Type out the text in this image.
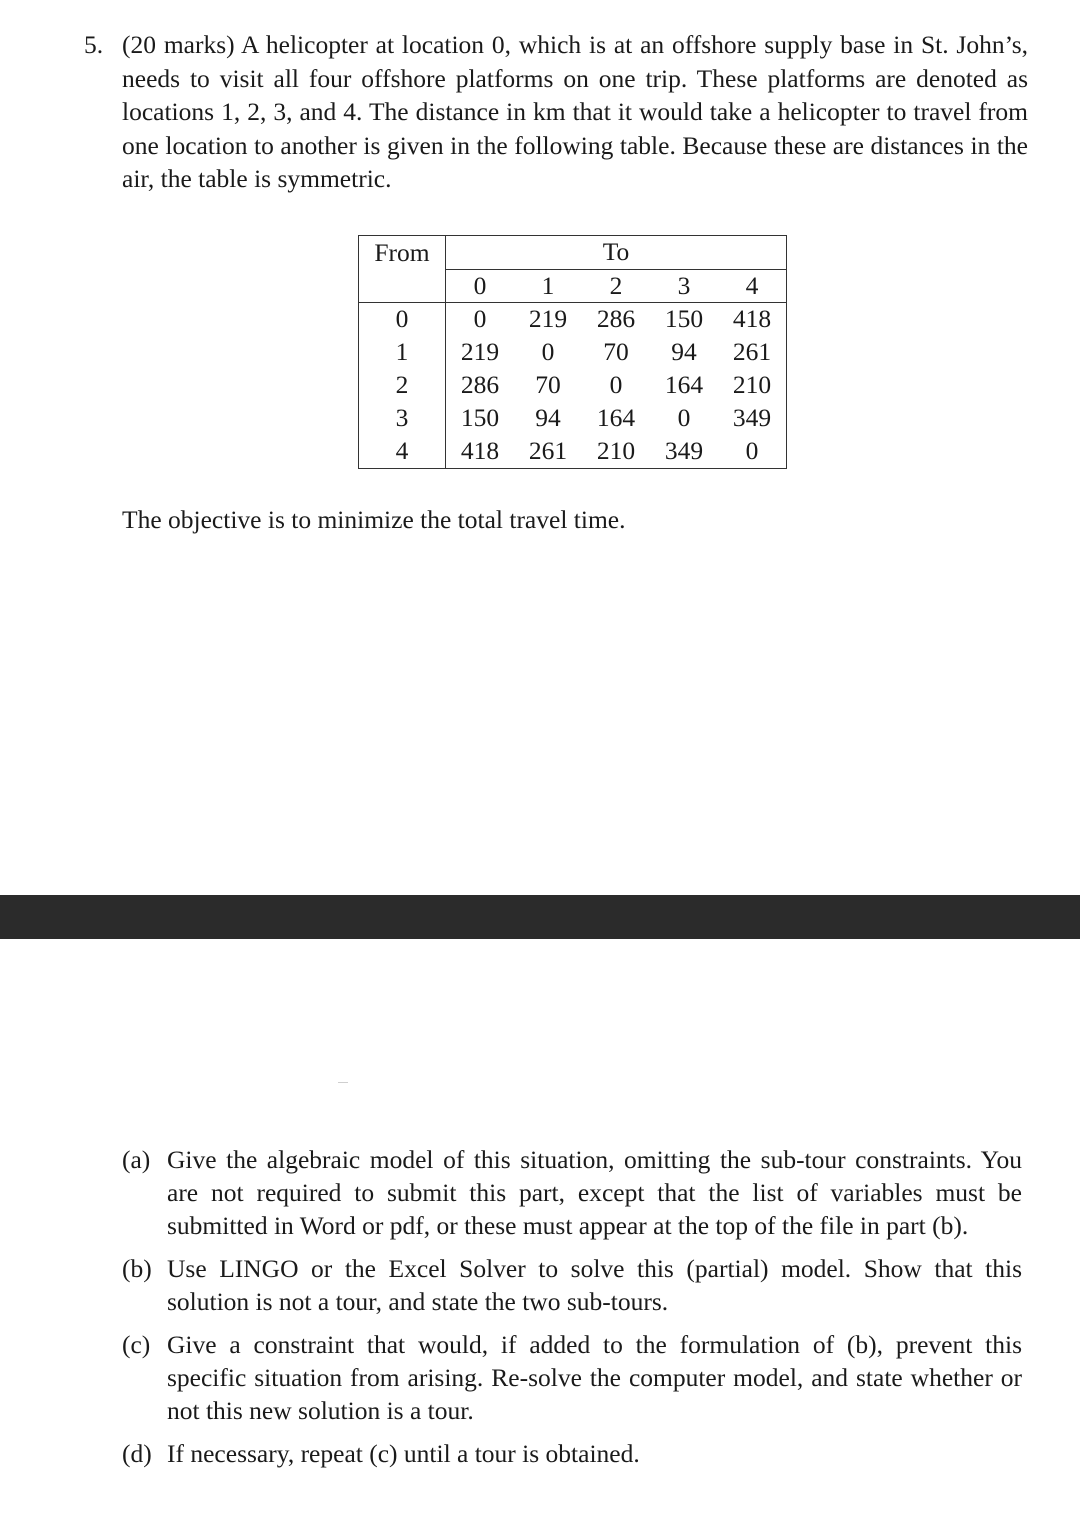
5. (20 marks) A helicopter at location 0, which is at an offshore supply base in St. John’s, needs to visit all four offshore platforms on one trip. These platforms are denoted as locations 1, 2, 3, and 4. The distance in km that it would take a helicopter to travel from one location to another is given in the following table. Because these are distances in the air, the table is symmetric.
From	To				
	0	1	2	3	4
0	0	219	286	150	418
1	219	0	70	94	261
2	286	70	0	164	210
3	150	94	164	0	349
4	418	261	210	349	0
The objective is to minimize the total travel time.
(a) Give the algebraic model of this situation, omitting the sub-tour constraints. You are not required to submit this part, except that the list of variables must be submitted in Word or pdf, or these must appear at the top of the file in part (b).
(b) Use LINGO or the Excel Solver to solve this (partial) model. Show that this solution is not a tour, and state the two sub-tours.
(c) Give a constraint that would, if added to the formulation of (b), prevent this specific situation from arising. Re-solve the computer model, and state whether or not this new solution is a tour.
(d) If necessary, repeat (c) until a tour is obtained.
